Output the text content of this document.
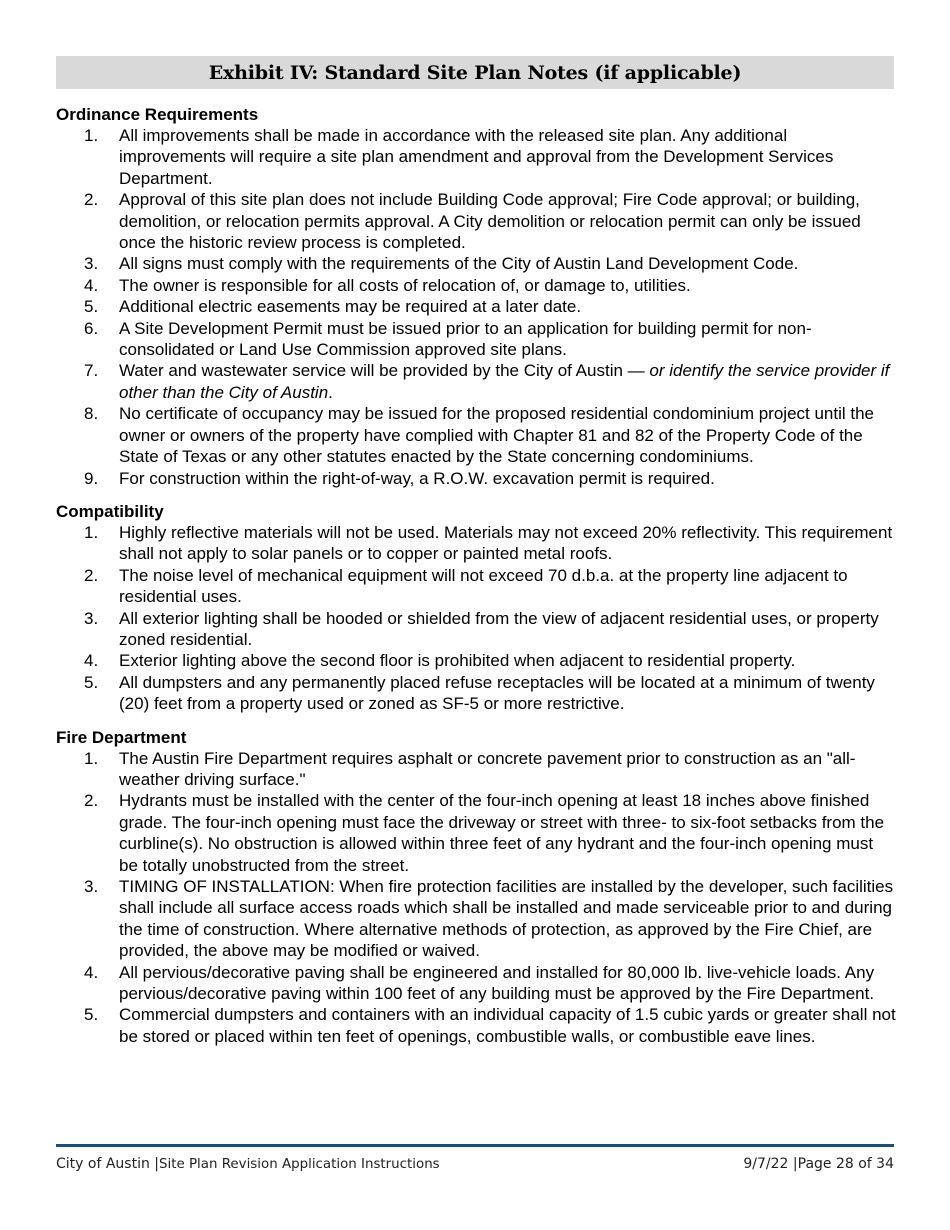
Exhibit IV: Standard Site Plan Notes (if applicable)
Ordinance Requirements
1. All improvements shall be made in accordance with the released site plan. Any additional improvements will require a site plan amendment and approval from the Development Services Department.
2. Approval of this site plan does not include Building Code approval; Fire Code approval; or building, demolition, or relocation permits approval. A City demolition or relocation permit can only be issued once the historic review process is completed.
3. All signs must comply with the requirements of the City of Austin Land Development Code.
4. The owner is responsible for all costs of relocation of, or damage to, utilities.
5. Additional electric easements may be required at a later date.
6. A Site Development Permit must be issued prior to an application for building permit for non-consolidated or Land Use Commission approved site plans.
7. Water and wastewater service will be provided by the City of Austin — or identify the service provider if other than the City of Austin.
8. No certificate of occupancy may be issued for the proposed residential condominium project until the owner or owners of the property have complied with Chapter 81 and 82 of the Property Code of the State of Texas or any other statutes enacted by the State concerning condominiums.
9. For construction within the right-of-way, a R.O.W. excavation permit is required.
Compatibility
1. Highly reflective materials will not be used. Materials may not exceed 20% reflectivity. This requirement shall not apply to solar panels or to copper or painted metal roofs.
2. The noise level of mechanical equipment will not exceed 70 d.b.a. at the property line adjacent to residential uses.
3. All exterior lighting shall be hooded or shielded from the view of adjacent residential uses, or property zoned residential.
4. Exterior lighting above the second floor is prohibited when adjacent to residential property.
5. All dumpsters and any permanently placed refuse receptacles will be located at a minimum of twenty (20) feet from a property used or zoned as SF-5 or more restrictive.
Fire Department
1. The Austin Fire Department requires asphalt or concrete pavement prior to construction as an "all-weather driving surface."
2. Hydrants must be installed with the center of the four-inch opening at least 18 inches above finished grade. The four-inch opening must face the driveway or street with three- to six-foot setbacks from the curbline(s). No obstruction is allowed within three feet of any hydrant and the four-inch opening must be totally unobstructed from the street.
3. TIMING OF INSTALLATION: When fire protection facilities are installed by the developer, such facilities shall include all surface access roads which shall be installed and made serviceable prior to and during the time of construction. Where alternative methods of protection, as approved by the Fire Chief, are provided, the above may be modified or waived.
4. All pervious/decorative paving shall be engineered and installed for 80,000 lb. live-vehicle loads. Any pervious/decorative paving within 100 feet of any building must be approved by the Fire Department.
5. Commercial dumpsters and containers with an individual capacity of 1.5 cubic yards or greater shall not be stored or placed within ten feet of openings, combustible walls, or combustible eave lines.
City of Austin |Site Plan Revision Application Instructions	9/7/22 |Page 28 of 34
